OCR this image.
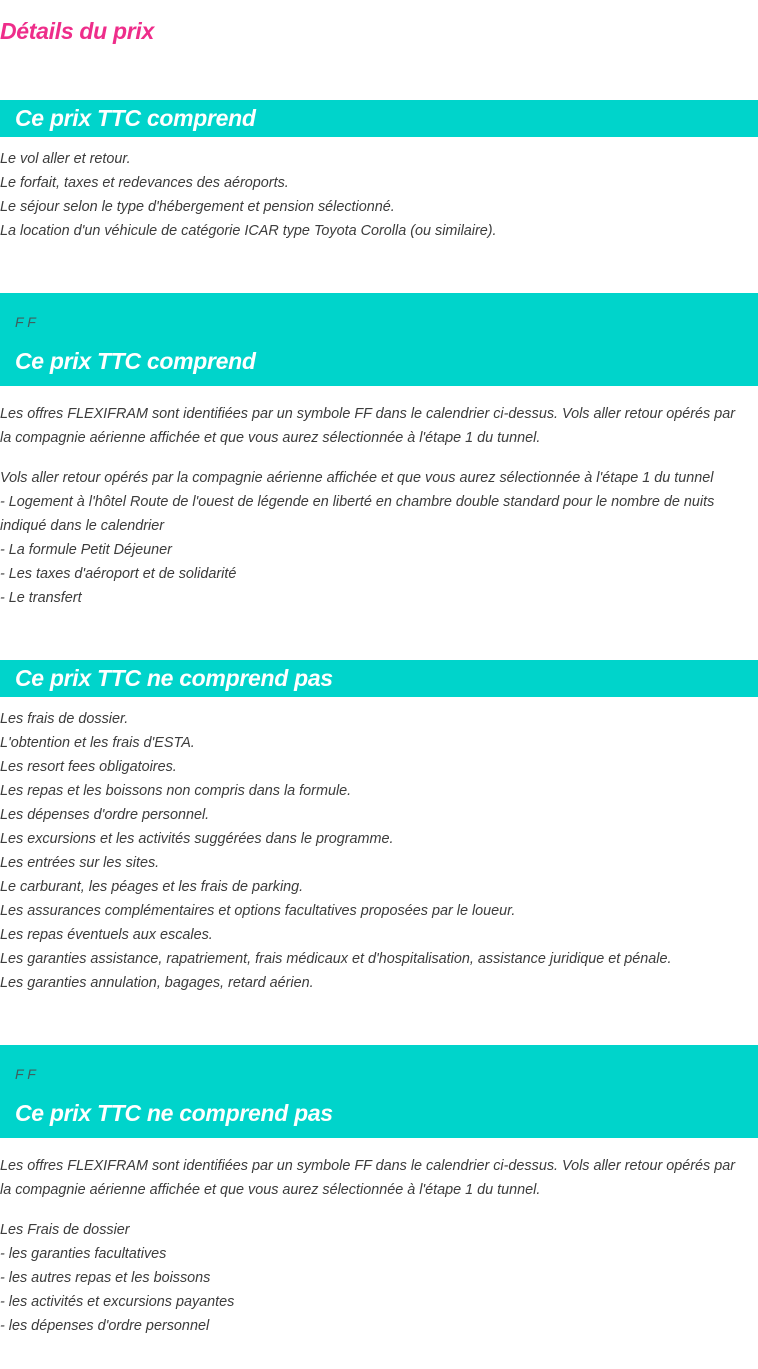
Détails du prix
Ce prix TTC comprend
Le vol aller et retour.
Le forfait, taxes et redevances des aéroports.
Le séjour selon le type d'hébergement et pension sélectionné.
La location d'un véhicule de catégorie ICAR type Toyota Corolla (ou similaire).
F F
Ce prix TTC comprend

Les offres FLEXIFRAM sont identifiées par un symbole FF dans le calendrier ci-dessus. Vols aller retour opérés par la compagnie aérienne affichée et que vous aurez sélectionnée à l'étape 1 du tunnel.

Vols aller retour opérés par la compagnie aérienne affichée et que vous aurez sélectionnée à l'étape 1 du tunnel
- Logement à l'hôtel Route de l'ouest de légende en liberté en chambre double standard pour le nombre de nuits indiqué dans le calendrier
- La formule Petit Déjeuner
- Les taxes d'aéroport et de solidarité
- Le transfert

Ce prix TTC ne comprend pas
Les frais de dossier.
L'obtention et les frais d'ESTA.
Les resort fees obligatoires.
Les repas et les boissons non compris dans la formule.
Les dépenses d'ordre personnel.
Les excursions et les activités suggérées dans le programme.
Les entrées sur les sites.
Le carburant, les péages et les frais de parking.
Les assurances complémentaires et options facultatives proposées par le loueur.
Les repas éventuels aux escales.
Les garanties assistance, rapatriement, frais médicaux et d'hospitalisation, assistance juridique et pénale.
Les garanties annulation, bagages, retard aérien.
F F
Ce prix TTC ne comprend pas

Les offres FLEXIFRAM sont identifiées par un symbole FF dans le calendrier ci-dessus. Vols aller retour opérés par la compagnie aérienne affichée et que vous aurez sélectionnée à l'étape 1 du tunnel.

Les Frais de dossier
- les garanties facultatives
- les autres repas et les boissons
- les activités et excursions payantes
- les dépenses d'ordre personnel
